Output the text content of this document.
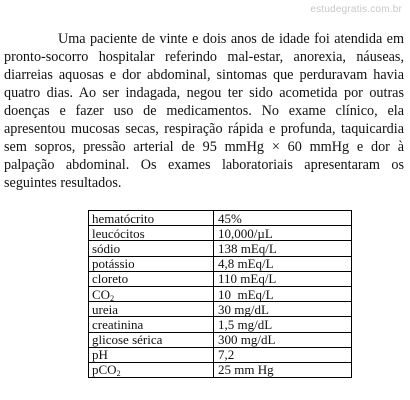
estudegratis.com.br

Uma paciente de vinte e dois anos de idade foi atendida em pronto-socorro hospitalar referindo mal-estar, anorexia, náuseas, diarreias aquosas e dor abdominal, sintomas que perduravam havia quatro dias. Ao ser indagada, negou ter sido acometida por outras doenças e fazer uso de medicamentos. No exame clínico, ela apresentou mucosas secas, respiração rápida e profunda, taquicardia sem sopros, pressão arterial de 95 mmHg × 60 mmHg e dor à palpação abdominal. Os exames laboratoriais apresentaram os seguintes resultados.

hematócrito	45%
leucócitos	10,000/µL
sódio	138 mEq/L
potássio	4,8 mEq/L
cloreto	110 mEq/L
$CO_2$	10  mEq/L
ureia	30 mg/dL
creatinina	1,5 mg/dL
glicose sérica	300 mg/dL
pH	7,2
pCO$_2$	25 mm Hg
